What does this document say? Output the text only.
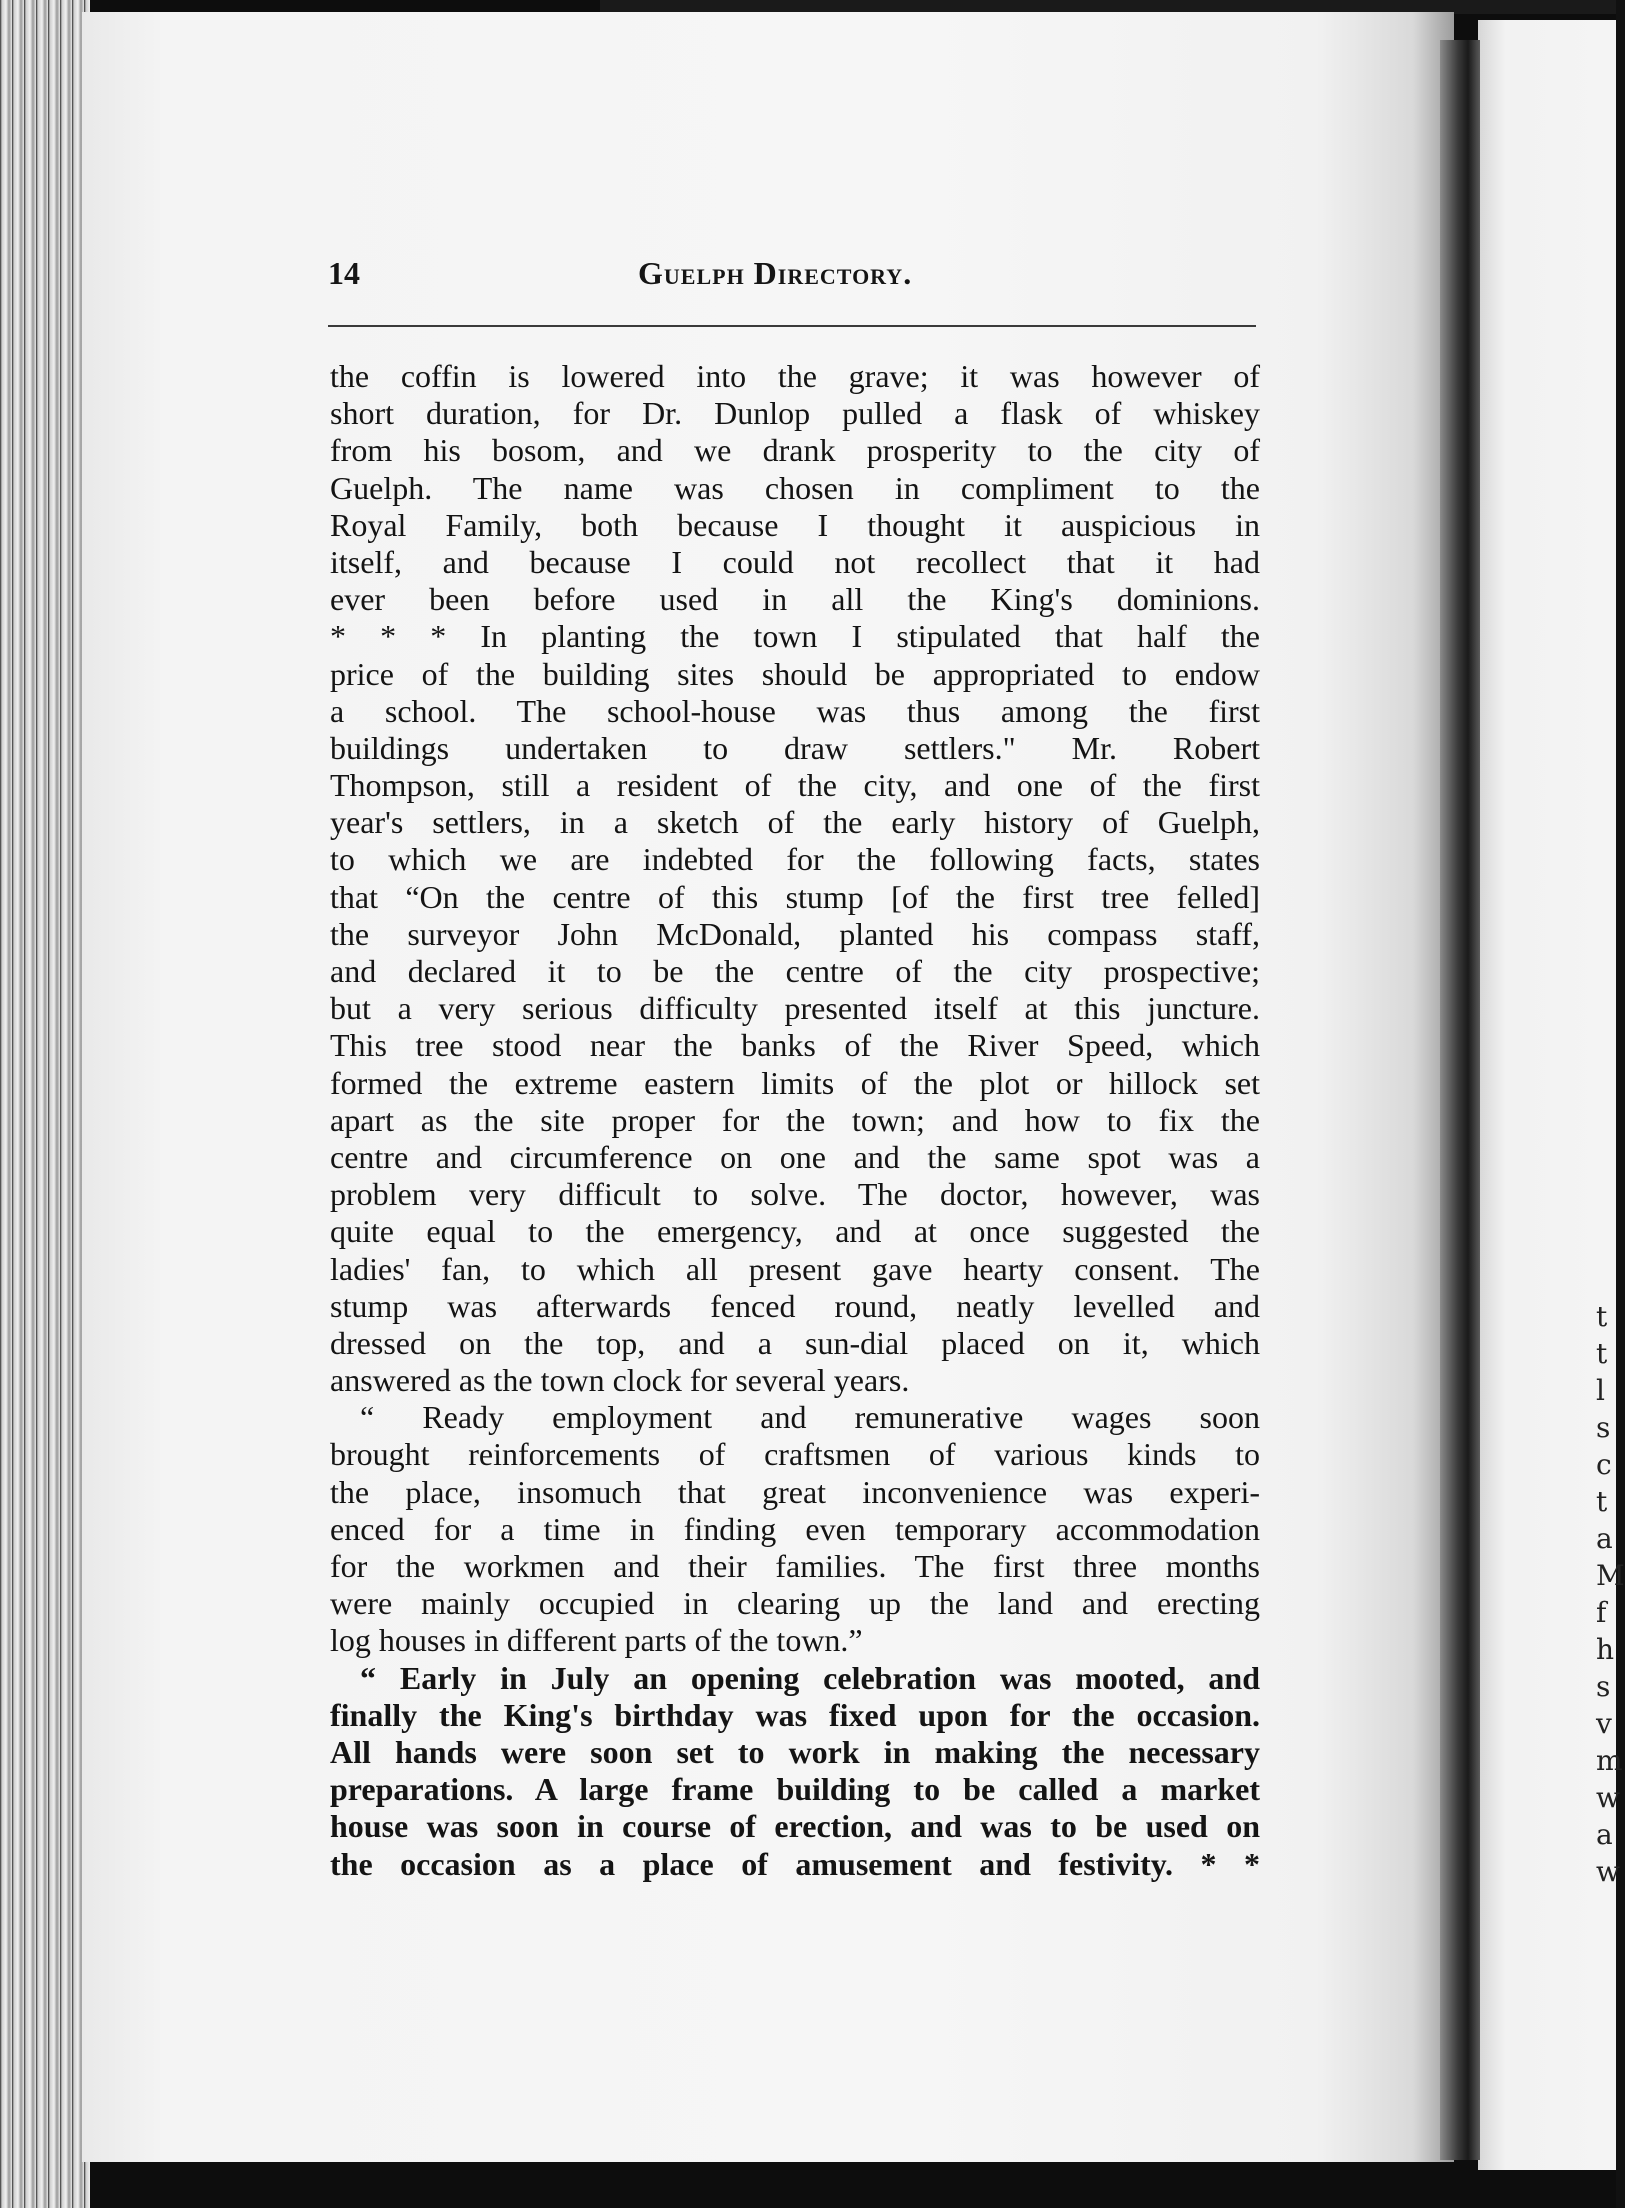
t
t
l
s
c
t
a
M
f
h
s
v
m
w
a
w
14	Guelph Directory.
the coffin is lowered into the grave; it was however of
short duration, for Dr. Dunlop pulled a flask of whiskey
from his bosom, and we drank prosperity to the city of
Guelph. The name was chosen in compliment to the
Royal Family, both because I thought it auspicious in
itself, and because I could not recollect that it had
ever been before used in all the King's dominions.
* * * In planting the town I stipulated that half the
price of the building sites should be appropriated to endow
a school. The school-house was thus among the first
buildings undertaken to draw settlers." Mr. Robert
Thompson, still a resident of the city, and one of the first
year's settlers, in a sketch of the early history of Guelph,
to which we are indebted for the following facts, states
that “On the centre of this stump [of the first tree felled]
the surveyor John McDonald, planted his compass staff,
and declared it to be the centre of the city prospective;
but a very serious difficulty presented itself at this juncture.
This tree stood near the banks of the River Speed, which
formed the extreme eastern limits of the plot or hillock set
apart as the site proper for the town; and how to fix the
centre and circumference on one and the same spot was a
problem very difficult to solve. The doctor, however, was
quite equal to the emergency, and at once suggested the
ladies' fan, to which all present gave hearty consent. The
stump was afterwards fenced round, neatly levelled and
dressed on the top, and a sun-dial placed on it, which
answered as the town clock for several years.
“ Ready employment and remunerative wages soon
brought reinforcements of craftsmen of various kinds to
the place, insomuch that great inconvenience was experi-
enced for a time in finding even temporary accommodation
for the workmen and their families. The first three months
were mainly occupied in clearing up the land and erecting
log houses in different parts of the town.”
“ Early in July an opening celebration was mooted, and
finally the King's birthday was fixed upon for the occasion.
All hands were soon set to work in making the necessary
preparations. A large frame building to be called a market
house was soon in course of erection, and was to be used on
the occasion as a place of amusement and festivity. * *
